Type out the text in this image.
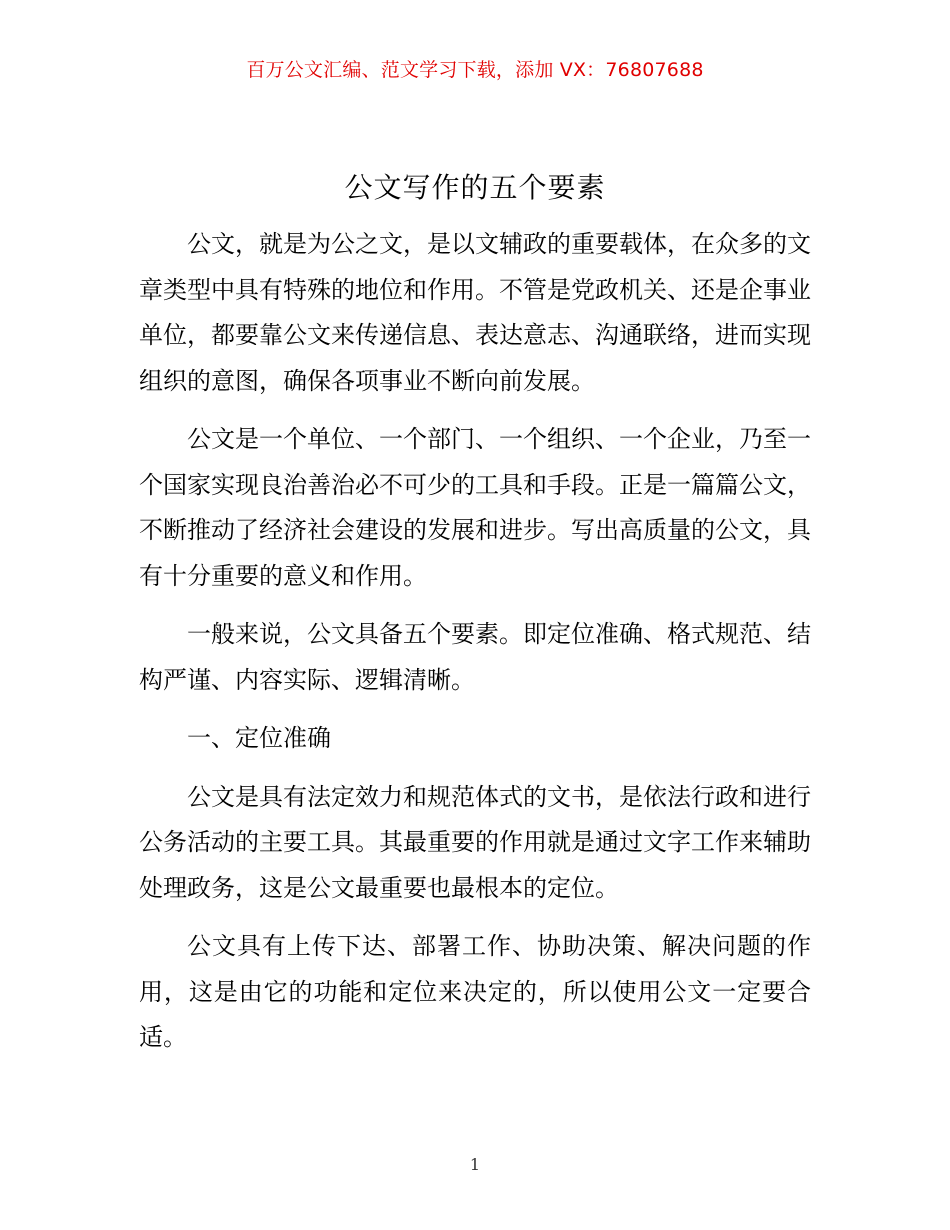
百万公文汇编、范文学习下载，添加 VX：76807688
公文写作的五个要素

公文，就是为公之文，是以文辅政的重要载体，在众多的文章类型中具有特殊的地位和作用。不管是党政机关、还是企事业单位，都要靠公文来传递信息、表达意志、沟通联络，进而实现组织的意图，确保各项事业不断向前发展。

公文是一个单位、一个部门、一个组织、一个企业，乃至一个国家实现良治善治必不可少的工具和手段。正是一篇篇公文，不断推动了经济社会建设的发展和进步。写出高质量的公文，具有十分重要的意义和作用。

一般来说，公文具备五个要素。即定位准确、格式规范、结构严谨、内容实际、逻辑清晰。

一、定位准确

公文是具有法定效力和规范体式的文书，是依法行政和进行公务活动的主要工具。其最重要的作用就是通过文字工作来辅助处理政务，这是公文最重要也最根本的定位。

公文具有上传下达、部署工作、协助决策、解决问题的作用，这是由它的功能和定位来决定的，所以使用公文一定要合适。

1
